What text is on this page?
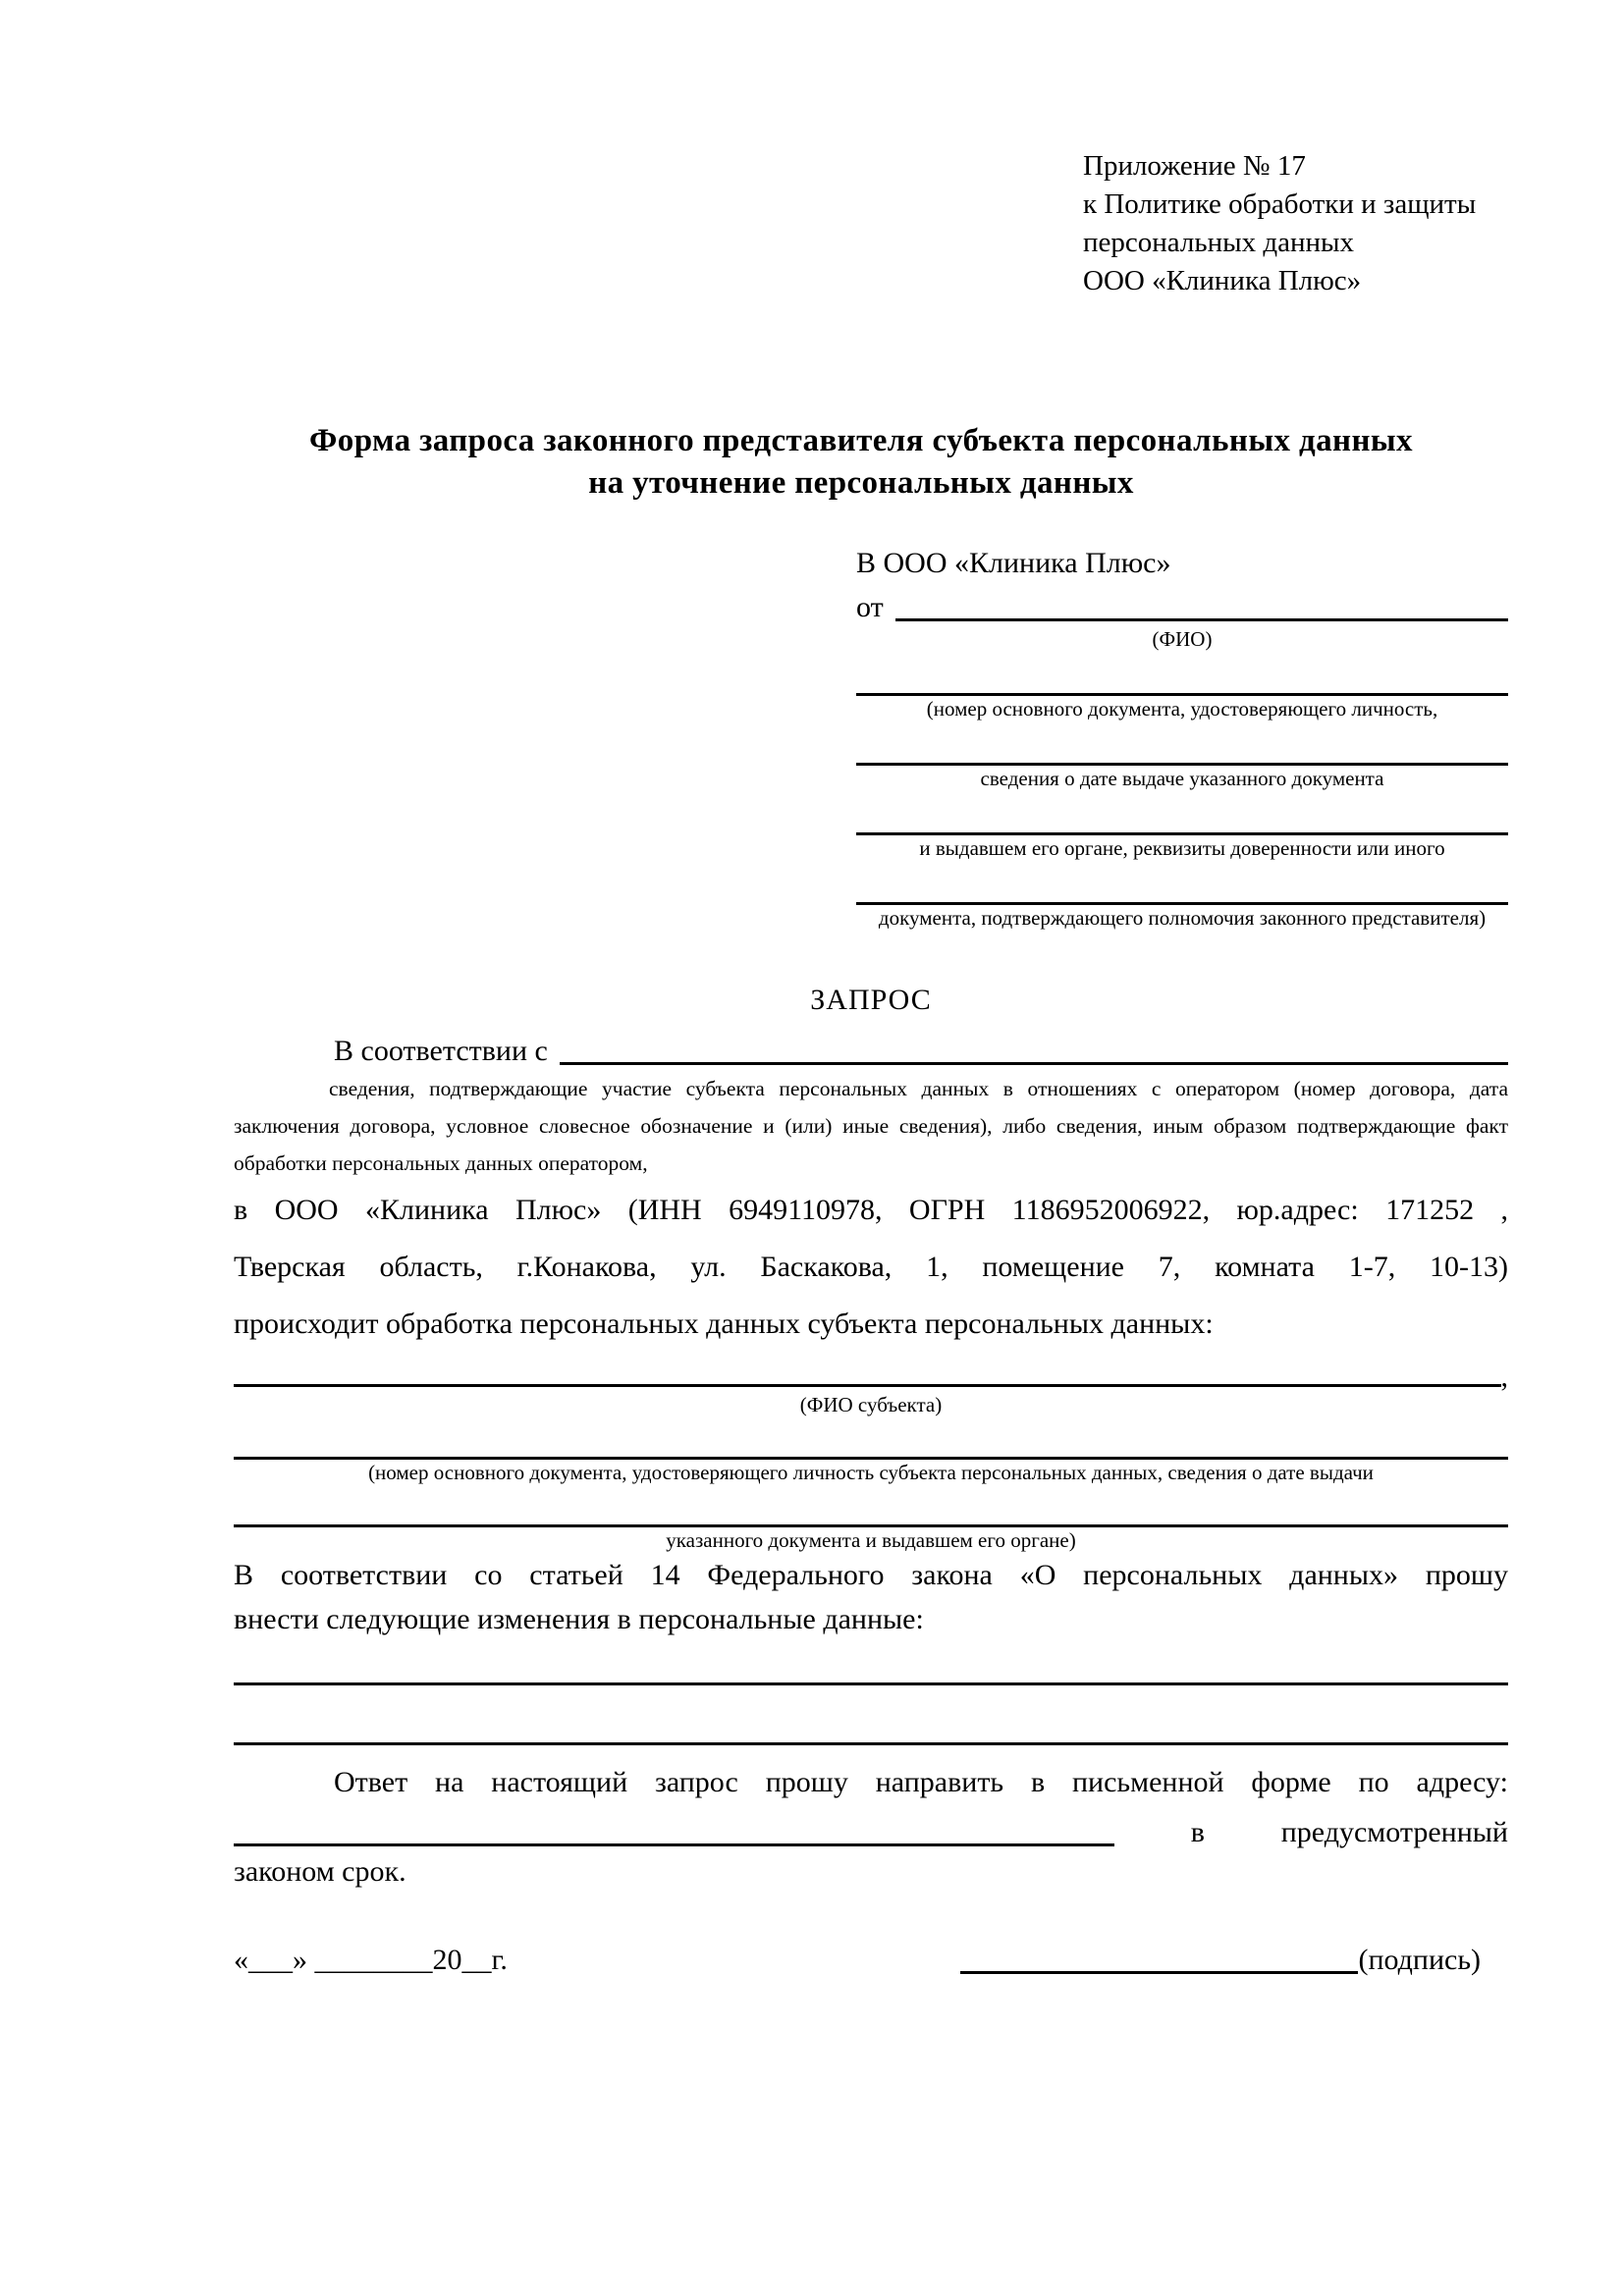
Приложение № 17
к Политике обработки и защиты
персональных данных
ООО «Клиника Плюс»
Форма запроса законного представителя субъекта персональных данных
на уточнение персональных данных
В ООО «Клиника Плюс»
от
(ФИО)
(номер основного документа, удостоверяющего личность,
сведения о дате выдаче указанного документа
и выдавшем его органе, реквизиты доверенности или иного
документа, подтверждающего полномочия законного представителя)
ЗАПРОС
В соответствии с
сведения, подтверждающие участие субъекта персональных данных в отношениях с оператором (номер договора, дата
заключения договора, условное словесное обозначение и (или) иные сведения), либо сведения, иным образом подтверждающие факт
обработки персональных данных оператором,
в ООО «Клиника Плюс» (ИНН 6949110978, ОГРН 1186952006922, юр.адрес: 171252 ,
Тверская область, г.Конакова, ул. Баскакова, 1, помещение 7, комната 1-7, 10-13)
происходит обработка персональных данных субъекта персональных данных:
,
(ФИО субъекта)
(номер основного документа, удостоверяющего личность субъекта персональных данных, сведения о дате выдачи
указанного документа и выдавшем его органе)
В соответствии со статьей 14 Федерального закона «О персональных данных» прошу
внести следующие изменения в персональные данные:
Ответ на настоящий запрос прошу направить в письменной форме по адресу:
в	предусмотренный
законом срок.
«___» ________20__г.	(подпись)
